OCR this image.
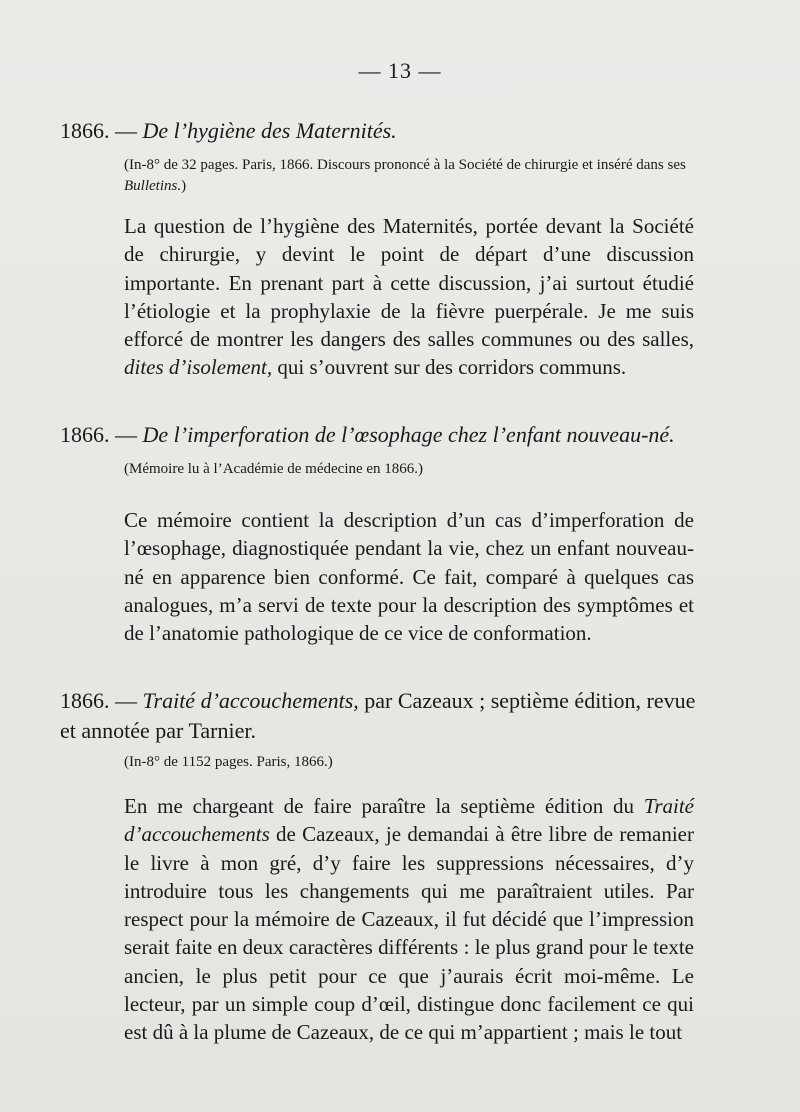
— 13 —
1866. — De l’hygiène des Maternités.
(In-8° de 32 pages. Paris, 1866. Discours prononcé à la Société de chirurgie et inséré dans ses Bulletins.)
La question de l’hygiène des Maternités, portée devant la Société de chirurgie, y devint le point de départ d’une discussion importante. En prenant part à cette discussion, j’ai surtout étudié l’étiologie et la prophylaxie de la fièvre puerpérale. Je me suis efforcé de montrer les dangers des salles communes ou des salles, dites d’isolement, qui s’ouvrent sur des corridors communs.
1866. — De l’imperforation de l’œsophage chez l’enfant nouveau-né.
(Mémoire lu à l’Académie de médecine en 1866.)
Ce mémoire contient la description d’un cas d’imperforation de l’œsophage, diagnostiquée pendant la vie, chez un enfant nouveau-né en apparence bien conformé. Ce fait, comparé à quelques cas analogues, m’a servi de texte pour la description des symptômes et de l’anatomie pathologique de ce vice de conformation.
1866. — Traité d’accouchements, par Cazeaux ; septième édition, revue et annotée par Tarnier.
(In-8° de 1152 pages. Paris, 1866.)
En me chargeant de faire paraître la septième édition du Traité d’accouchements de Cazeaux, je demandai à être libre de remanier le livre à mon gré, d’y faire les suppressions nécessaires, d’y introduire tous les changements qui me paraîtraient utiles. Par respect pour la mémoire de Cazeaux, il fut décidé que l’impression serait faite en deux caractères différents : le plus grand pour le texte ancien, le plus petit pour ce que j’aurais écrit moi-même. Le lecteur, par un simple coup d’œil, distingue donc facilement ce qui est dû à la plume de Cazeaux, de ce qui m’appartient ; mais le tout
